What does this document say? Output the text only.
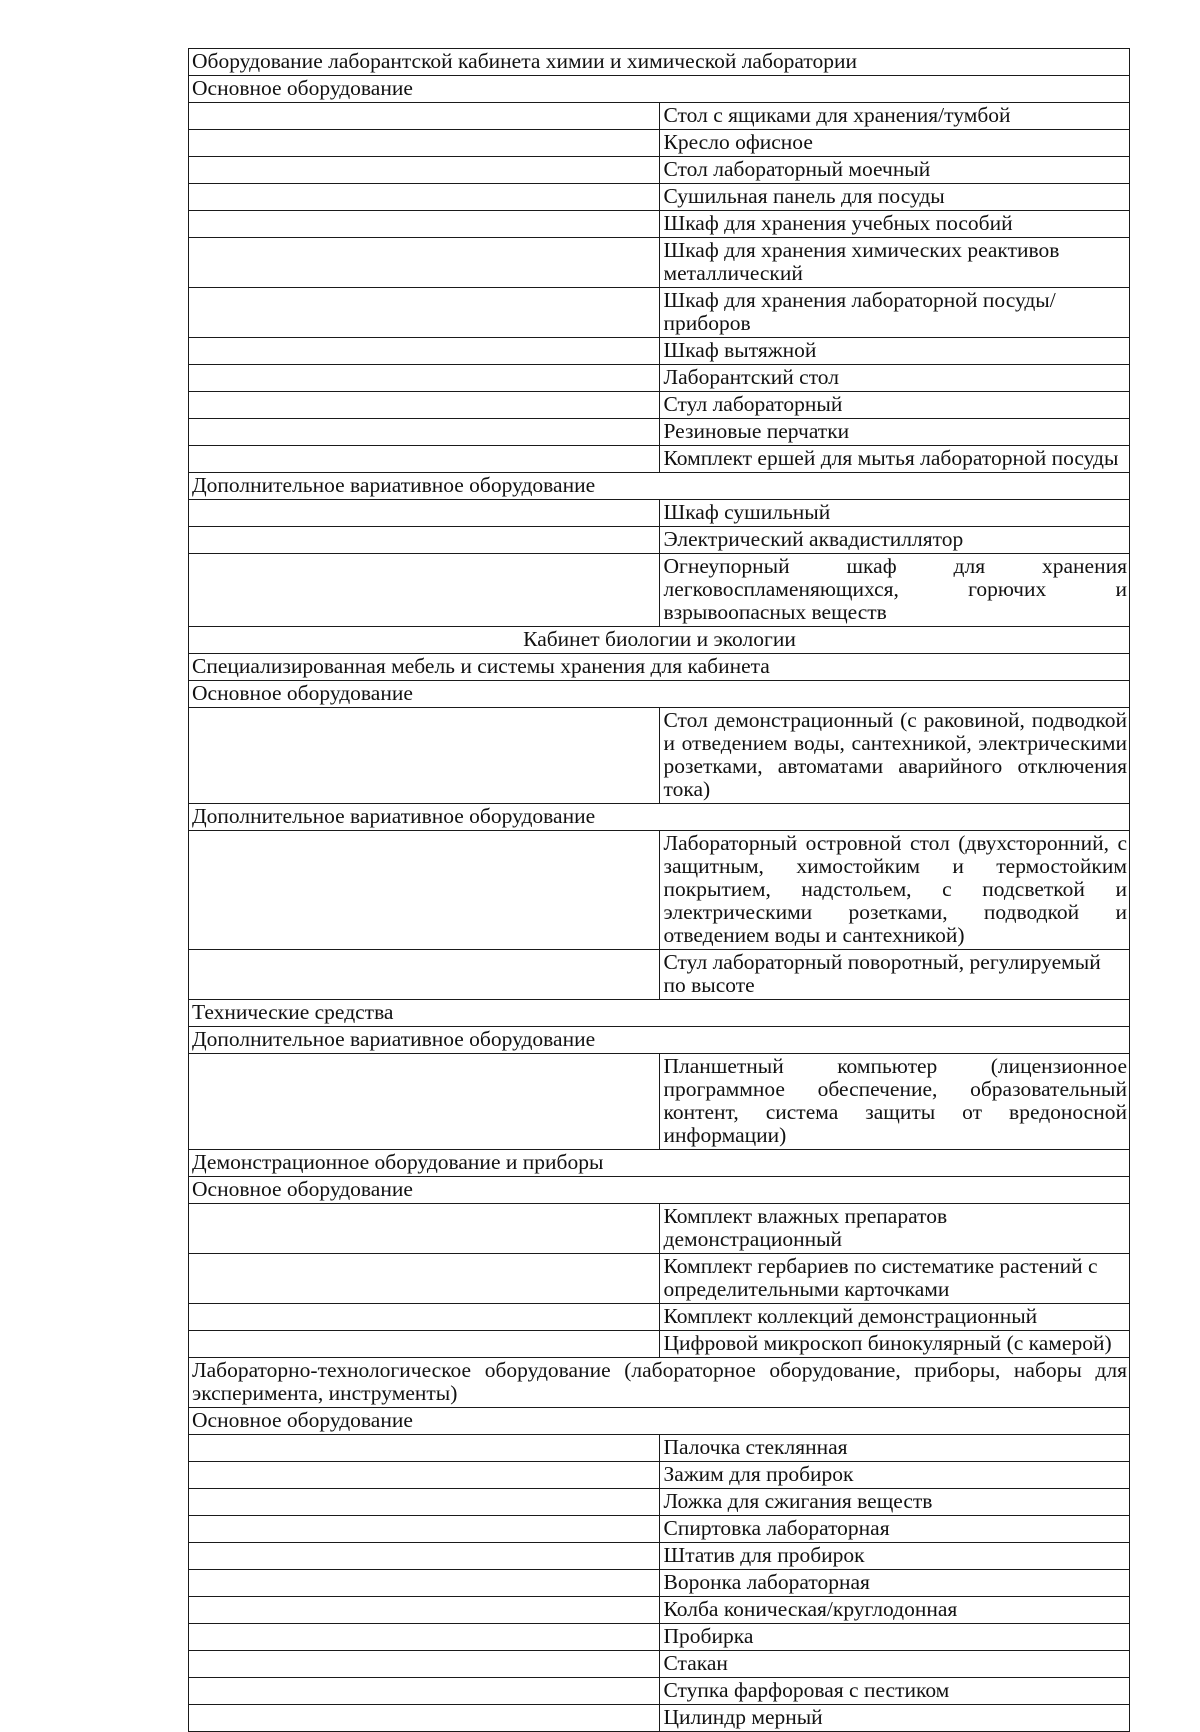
Оборудование лаборантской кабинета химии и химической лаборатории	
Основное оборудование	
	Стол с ящиками для хранения/тумбой
	Кресло офисное
	Стол лабораторный моечный
	Сушильная панель для посуды
	Шкаф для хранения учебных пособий
	Шкаф для хранения химических реактивов металлический
	Шкаф для хранения лабораторной посуды/приборов
	Шкаф вытяжной
	Лаборантский стол
	Стул лабораторный
	Резиновые перчатки
	Комплект ершей для мытья лабораторной посуды
Дополнительное вариативное оборудование	
	Шкаф сушильный
	Электрический аквадистиллятор
	Огнеупорный шкаф для хранения легковоспламеняющихся, горючих и взрывоопасных веществ
Кабинет биологии и экологии	
Специализированная мебель и системы хранения для кабинета	
Основное оборудование	
	Стол демонстрационный (с раковиной, подводкой и отведением воды, сантехникой, электрическими розетками, автоматами аварийного отключения тока)
Дополнительное вариативное оборудование	
	Лабораторный островной стол (двухсторонний, с защитным, химостойким и термостойким покрытием, надстольем, с подсветкой и электрическими розетками, подводкой и отведением воды и сантехникой)
	Стул лабораторный поворотный, регулируемый по высоте
Технические средства	
Дополнительное вариативное оборудование	
	Планшетный компьютер (лицензионное программное обеспечение, образовательный контент, система защиты от вредоносной информации)
Демонстрационное оборудование и приборы	
Основное оборудование	
	Комплект влажных препаратов демонстрационный
	Комплект гербариев по систематике растений с определительными карточками
	Комплект коллекций демонстрационный
	Цифровой микроскоп бинокулярный (с камерой)
Лабораторно-технологическое оборудование (лабораторное оборудование, приборы, наборы для эксперимента, инструменты)	
Основное оборудование	
	Палочка стеклянная
	Зажим для пробирок
	Ложка для сжигания веществ
	Спиртовка лабораторная
	Штатив для пробирок
	Воронка лабораторная
	Колба коническая/круглодонная
	Пробирка
	Стакан
	Ступка фарфоровая с пестиком
	Цилиндр мерный
